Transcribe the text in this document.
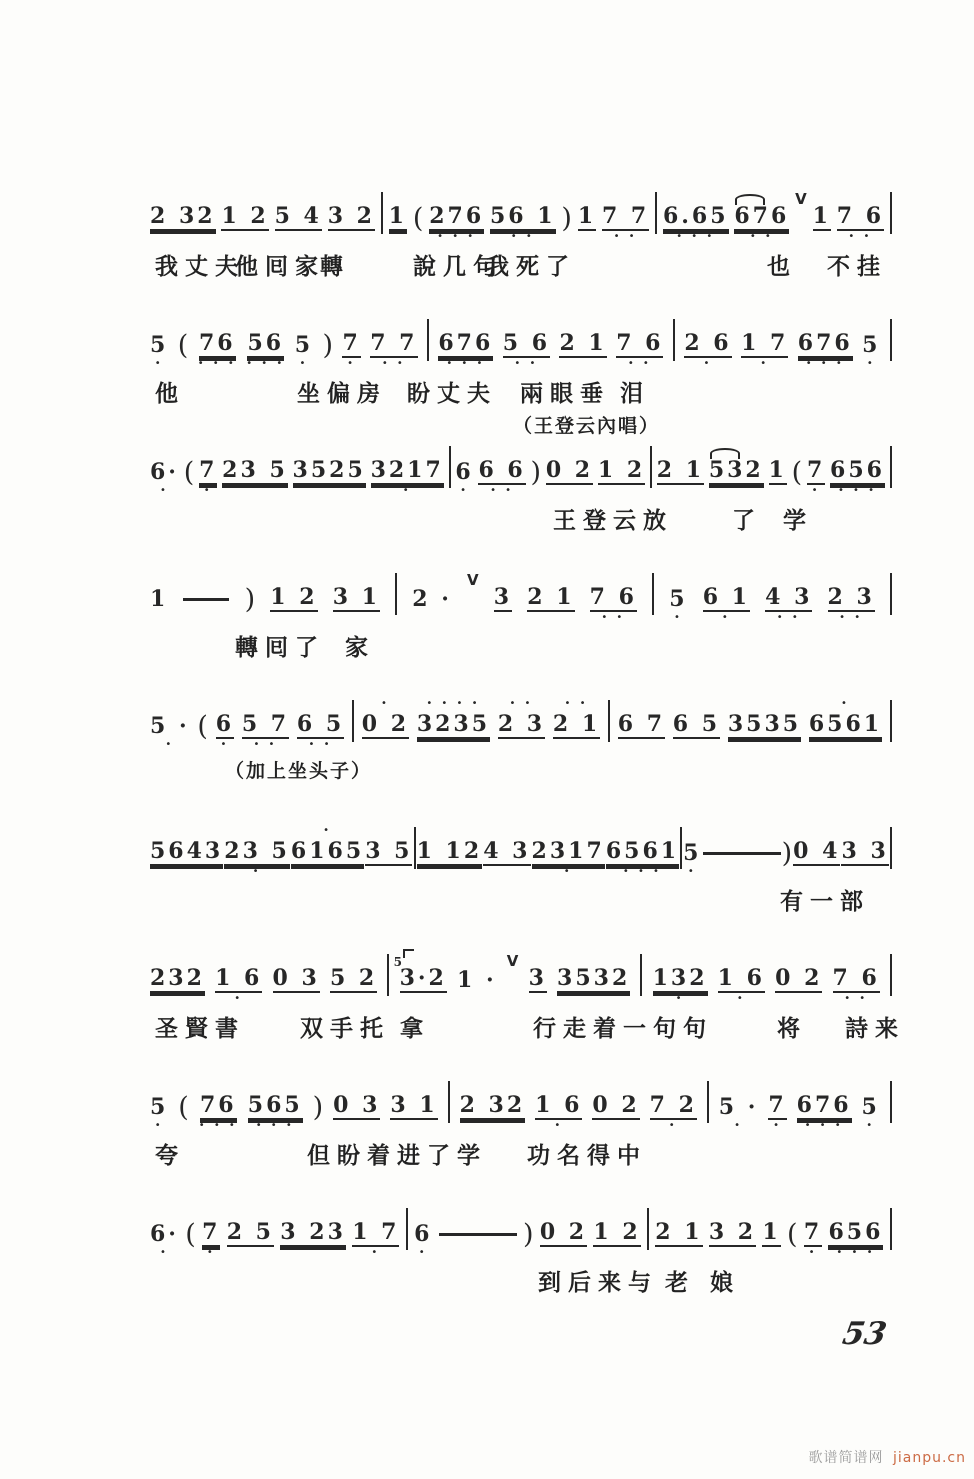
2 32 1 2 5 4 3 2 1 ( 276
• • •
56 1
• •
) 1 7 7
• •
6.65
• • •
676
• •
V
1 7 6
• •
我丈夫
他囘家
轉	說几句
我死了	也 不挂
5
•
( 76
• • •
56
• • •
5
•
) 7
•
7 7
• •
676
• • •
5 6
• •
2 1 7 6
• •
2 6
•
1 7
•
676
• • •
5
•
他	坐偏房 盼丈夫 兩眼垂 泪
（王登云內唱）
6·
•
( 7
•
23 5 3525 3217
•
6
•
6 6
• •
) 0 2 1 2 2 1 532 1 ( 7
•
656
• • •
王登云放	了 学
1	) 1 2 3 1 2 ·
V
3 2 1 7 6
• •
5
•
6 1
•
4 3
• •
2 3
• •
轉囘了 家
5 ·
•
( 6
•
5 7
• •
6 5
• •
•
0 2
• • • •
3235
• •
2 3
• •
2 1 6 7 6 5 3535
•
6561
（加上坐头子）
5643 23 5
•
•
6165 3 5 1 12 4 3 2317
•
6561
• • •
5
•
) 0 4 3 3
有一部
232 1 6
•
0 3 5 2 3·2
5
1 ·
V
3 3532 132
•
1 6
•
0 2 7 6
• •
圣賢書 双手托 拿	行走着一句句	将 詩来
5
•
( 76
• • •
565
• • •
) 0 3 3 1 2 32 1 6
•
0 2 7 2
•
5 ·
•
7
•
676
• • •
5
•
夸	但盼着进了学 功名得中
6·
•
( 7
•
2 5 3 23 1 7
•
6
•
) 0 2 1 2 2 1 3 2 1 ( 7
•
656
• • •
到后来与 老 娘
53
歌谱简谱网 jianpu.cn
